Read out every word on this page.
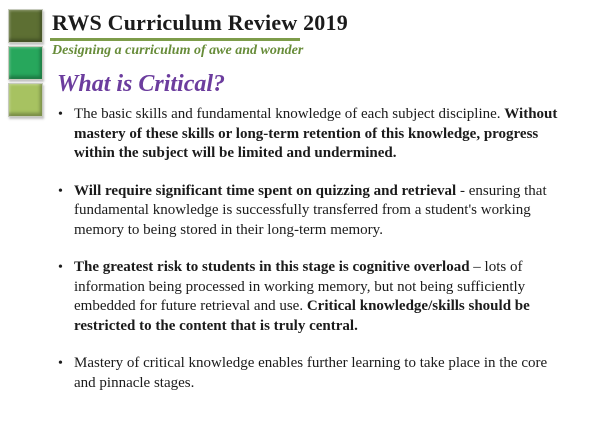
RWS Curriculum Review 2019
Designing a curriculum of awe and wonder
What is Critical?
• The basic skills and fundamental knowledge of each subject discipline. Without mastery of these skills or long-term retention of this knowledge, progress within the subject will be limited and undermined.
• Will require significant time spent on quizzing and retrieval - ensuring that fundamental knowledge is successfully transferred from a student's working memory to being stored in their long-term memory.
• The greatest risk to students in this stage is cognitive overload – lots of information being processed in working memory, but not being sufficiently embedded for future retrieval and use. Critical knowledge/skills should be restricted to the content that is truly central.
• Mastery of critical knowledge enables further learning to take place in the core and pinnacle stages.
